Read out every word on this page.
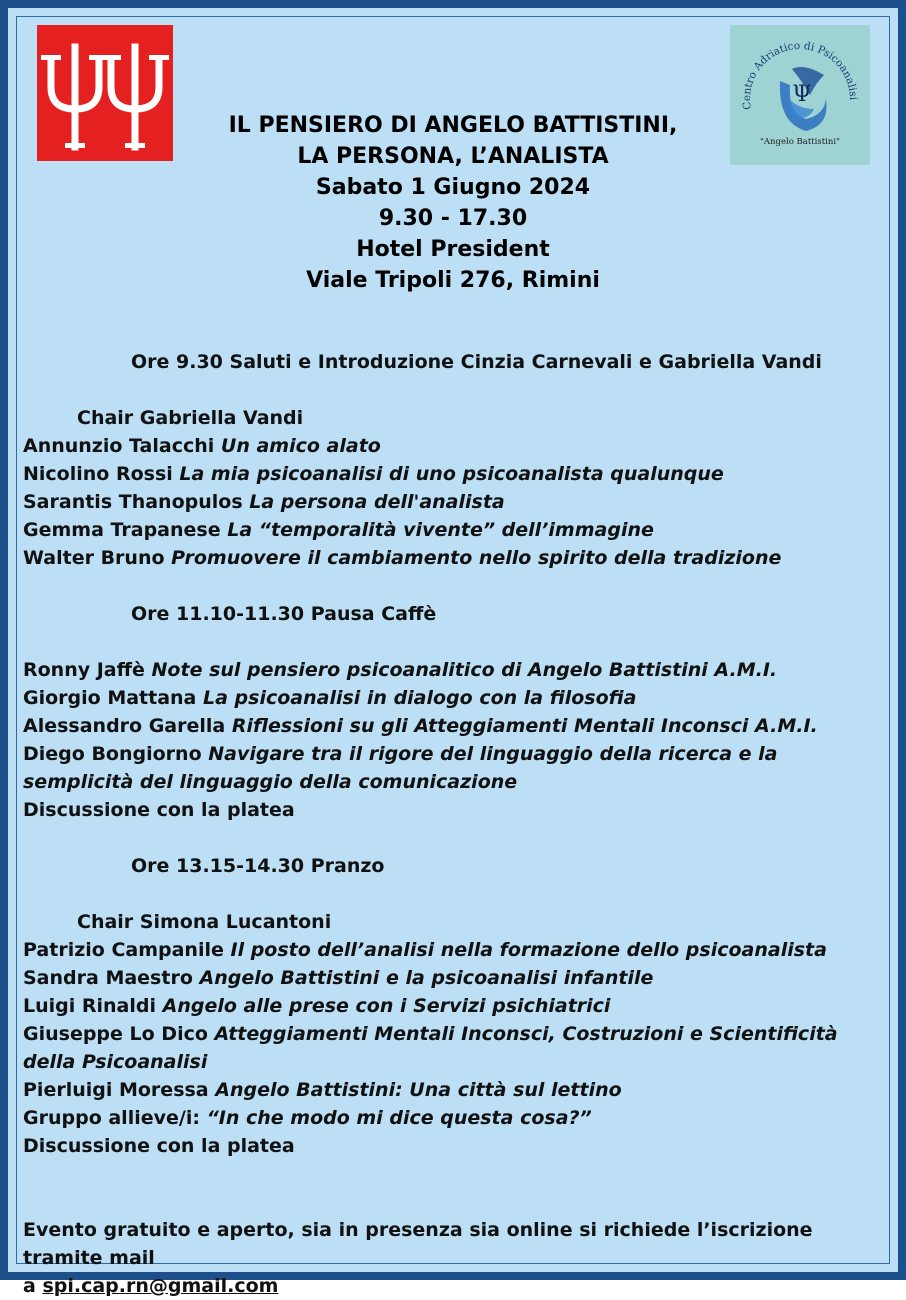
Centro Adriatico di Psicoanalisi
Ψ
"Angelo Battistini"
IL PENSIERO DI ANGELO BATTISTINI,
LA PERSONA, L’ANALISTA
Sabato 1 Giugno 2024
9.30 - 17.30
Hotel President
Viale Tripoli 276, Rimini

Ore 9.30 Saluti e Introduzione Cinzia Carnevali e Gabriella Vandi

Chair Gabriella Vandi

Annunzio Talacchi Un amico alato

Nicolino Rossi La mia psicoanalisi di uno psicoanalista qualunque

Sarantis Thanopulos La persona dell'analista

Gemma Trapanese La “temporalità vivente” dell’immagine

Walter Bruno Promuovere il cambiamento nello spirito della tradizione

Ore 11.10-11.30 Pausa Caffè

Ronny Jaffè Note sul pensiero psicoanalitico di Angelo Battistini A.M.I.

Giorgio Mattana La psicoanalisi in dialogo con la filosofia

Alessandro Garella Riflessioni su gli Atteggiamenti Mentali Inconsci A.M.I.

Diego Bongiorno Navigare tra il rigore del linguaggio della ricerca e la semplicità del linguaggio della comunicazione

Discussione con la platea

Ore 13.15-14.30 Pranzo

Chair Simona Lucantoni

Patrizio Campanile Il posto dell’analisi nella formazione dello psicoanalista

Sandra Maestro Angelo Battistini e la psicoanalisi infantile

Luigi Rinaldi Angelo alle prese con i Servizi psichiatrici

Giuseppe Lo Dico Atteggiamenti Mentali Inconsci, Costruzioni e Scientificità della Psicoanalisi

Pierluigi Moressa Angelo Battistini: Una città sul lettino

Gruppo allieve/i: “In che modo mi dice questa cosa?”

Discussione con la platea

Evento gratuito e aperto, sia in presenza sia online si richiede l’iscrizione tramite mail

a spi.cap.rn@gmail.com
